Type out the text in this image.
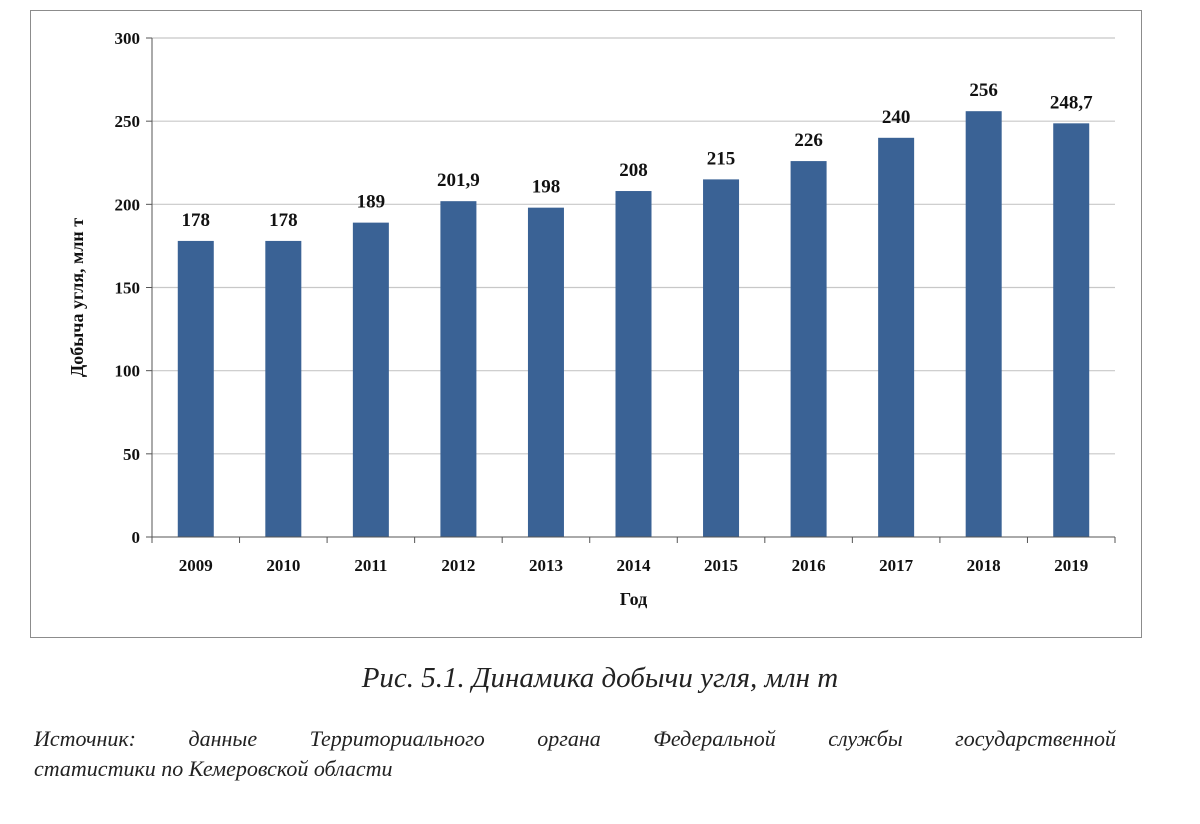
0
50
100
150
200
250
300
178	178
189
201,9	198
208
215
226
240
256
248,7
2009	2010	2011	2012	2013	2014	2015	2016	2017	2018	2019
Добыча угля, млн т
Год
Рис. 5.1. Динамика добычи угля, млн т
Источник: данные Территориального органа Федеральной службы государственной
статистики по Кемеровской области
